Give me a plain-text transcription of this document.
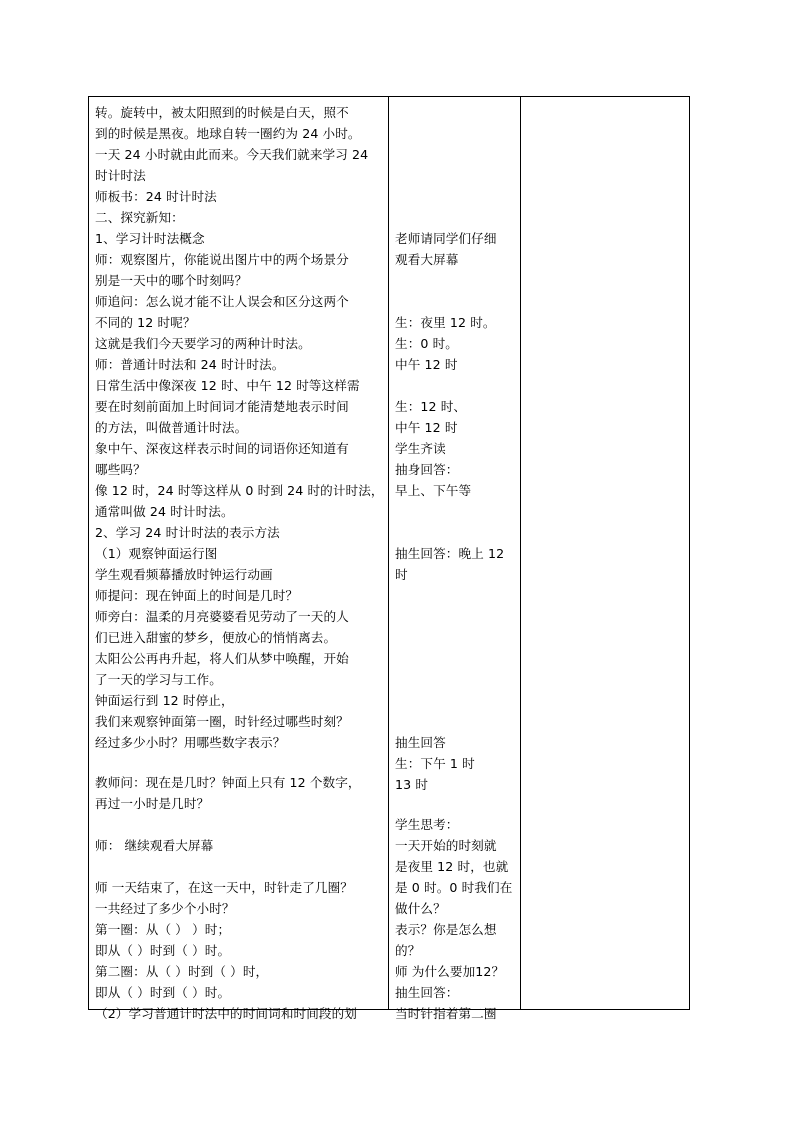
转。旋转中，被太阳照到的时候是白天，照不
到的时候是黑夜。地球自转一圈约为 24 小时。
一天 24 小时就由此而来。今天我们就来学习 24
时计时法
师板书：24 时计时法
二、探究新知：
1、学习计时法概念
师：观察图片，你能说出图片中的两个场景分
别是一天中的哪个时刻吗？
师追问：怎么说才能不让人误会和区分这两个
不同的 12 时呢？
这就是我们今天要学习的两种计时法。
师：普通计时法和 24 时计时法。
日常生活中像深夜 12 时、中午 12 时等这样需
要在时刻前面加上时间词才能清楚地表示时间
的方法，叫做普通计时法。
象中午、深夜这样表示时间的词语你还知道有
哪些吗？
像 12 时，24 时等这样从 0 时到 24 时的计时法，
通常叫做 24 时计时法。
2、学习 24 时计时法的表示方法
（1）观察钟面运行图
学生观看频幕播放时钟运行动画
师提问：现在钟面上的时间是几时？
师旁白：温柔的月亮婆婆看见劳动了一天的人
们已进入甜蜜的梦乡，便放心的悄悄离去。
太阳公公再冉升起，将人们从梦中唤醒，开始
了一天的学习与工作。
钟面运行到 12 时停止，
我们来观察钟面第一圈，时针经过哪些时刻？
经过多少小时？用哪些数字表示？
教师问：现在是几时？钟面上只有 12 个数字，
再过一小时是几时？
师： 继续观看大屏幕
师 一天结束了，在这一天中，时针走了几圈？
一共经过了多少个小时？
第一圈：从（ ） ）时；
即从（ ）时到（ ）时。
第二圈：从（ ）时到（ ）时，
即从（ ）时到（ ）时。
（2）学习普通计时法中的时间词和时间段的划
老师请同学们仔细
观看大屏幕
生：夜里 12 时。
生：0 时。
中午 12 时
生：12 时、
中午 12 时
学生齐读
抽身回答：
早上、下午等
抽生回答：晚上 12
时
抽生回答
生：下午 1 时
13 时
学生思考：
一天开始的时刻就
是夜里 12 时，也就
是 0 时。0 时我们在
做什么？
表示？你是怎么想
的？
师 为什么要加12？
抽生回答：
当时针指着第二圈
